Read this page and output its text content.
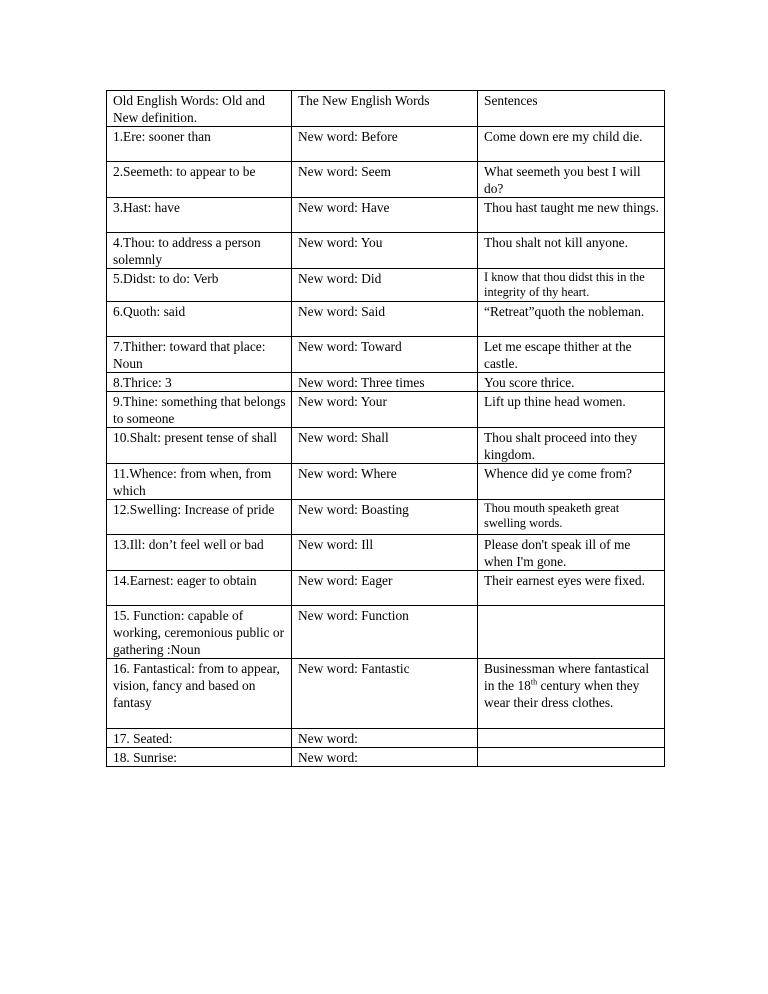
Old English Words: Old and New definition.	The New English Words	Sentences
1.Ere: sooner than	New word: Before	Come down ere my child die.
2.Seemeth: to appear to be	New word: Seem	What seemeth you best I will do?
3.Hast: have	New word: Have	Thou hast taught me new things.
4.Thou: to address a person solemnly	New word: You	Thou shalt not kill anyone.
5.Didst: to do: Verb	New word: Did	I know that thou didst this in the integrity of thy heart.
6.Quoth: said	New word: Said	“Retreat”quoth the nobleman.
7.Thither: toward that place: Noun	New word: Toward	Let me escape thither at the castle.
8.Thrice: 3	New word: Three times	You score thrice.
9.Thine: something that belongs to someone	New word: Your	Lift up thine head women.
10.Shalt: present tense of shall	New word: Shall	Thou shalt proceed into they kingdom.
11.Whence: from when, from which	New word: Where	Whence did ye come from?
12.Swelling: Increase of pride	New word: Boasting	Thou mouth speaketh great swelling words.
13.Ill: don’t feel well or bad	New word: Ill	Please don't speak ill of me when I'm gone.
14.Earnest: eager to obtain	New word: Eager	Their earnest eyes were fixed.
15. Function: capable of working, ceremonious public or gathering :Noun	New word: Function	
16. Fantastical: from to appear, vision, fancy and based on fantasy	New word: Fantastic	Businessman where fantastical in the 18th century when they wear their dress clothes.
17. Seated:	New word:	
18. Sunrise:	New word:	
